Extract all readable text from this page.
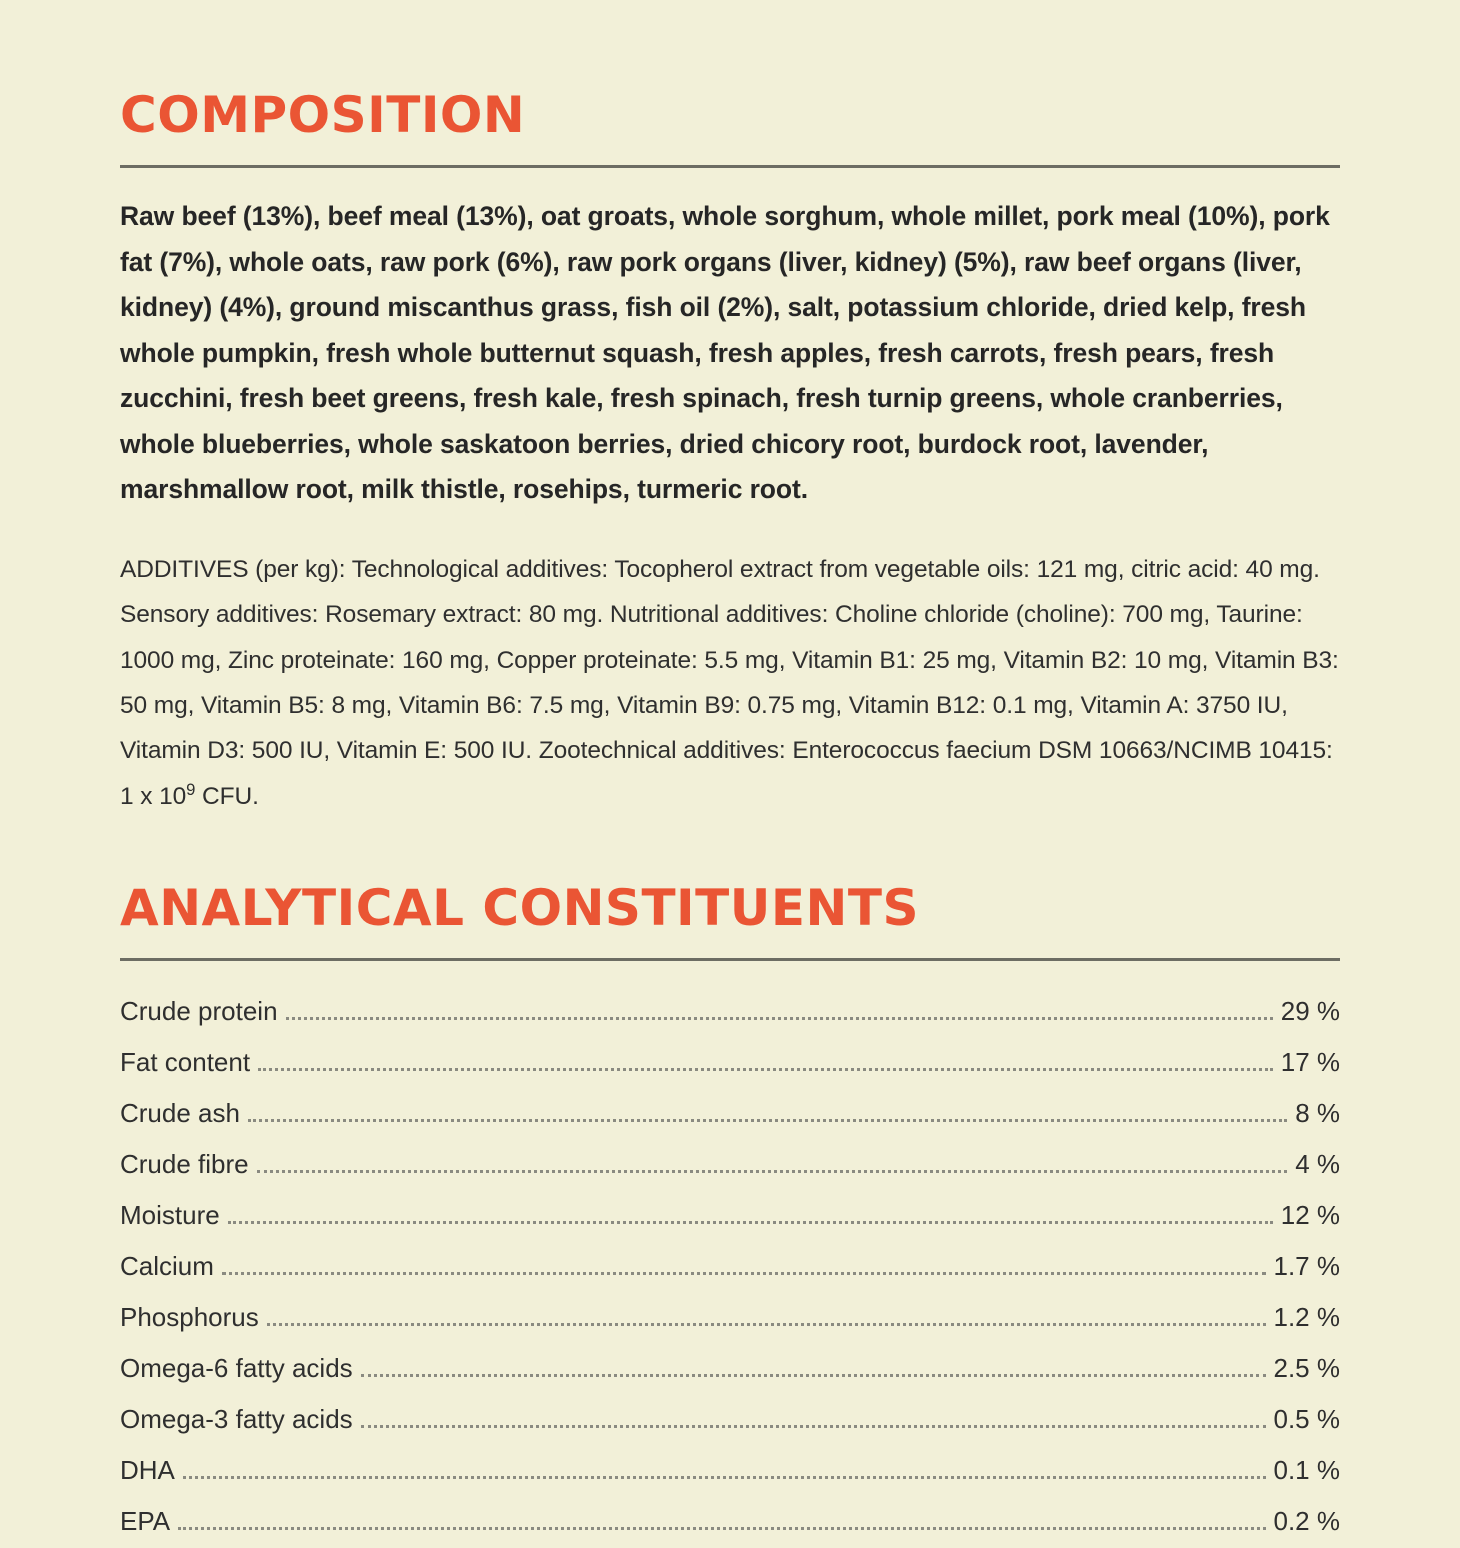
COMPOSITION

Raw beef (13%), beef meal (13%), oat groats, whole sorghum, whole millet, pork meal (10%), pork fat (7%), whole oats, raw pork (6%), raw pork organs (liver, kidney) (5%), raw beef organs (liver, kidney) (4%), ground miscanthus grass, fish oil (2%), salt, potassium chloride, dried kelp, fresh whole pumpkin, fresh whole butternut squash, fresh apples, fresh carrots, fresh pears, fresh zucchini, fresh beet greens, fresh kale, fresh spinach, fresh turnip greens, whole cranberries, whole blueberries, whole saskatoon berries, dried chicory root, burdock root, lavender, marshmallow root, milk thistle, rosehips, turmeric root.

ADDITIVES (per kg): Technological additives: Tocopherol extract from vegetable oils: 121 mg, citric acid: 40 mg. Sensory additives: Rosemary extract: 80 mg. Nutritional additives: Choline chloride (choline): 700 mg, Taurine: 1000 mg, Zinc proteinate: 160 mg, Copper proteinate: 5.5 mg, Vitamin B1: 25 mg, Vitamin B2: 10 mg, Vitamin B3: 50 mg, Vitamin B5: 8 mg, Vitamin B6: 7.5 mg, Vitamin B9: 0.75 mg, Vitamin B12: 0.1 mg, Vitamin A: 3750 IU, Vitamin D3: 500 IU, Vitamin E: 500 IU. Zootechnical additives: Enterococcus faecium DSM 10663/NCIMB 10415: 1 x $10^9$ CFU.

ANALYTICAL CONSTITUENTS
Crude protein	29 %
Fat content	17 %
Crude ash	8 %
Crude fibre	4 %
Moisture	12 %
Calcium	1.7 %
Phosphorus	1.2 %
Omega-6 fatty acids	2.5 %
Omega-3 fatty acids	0.5 %
DHA	0.1 %
EPA	0.2 %
